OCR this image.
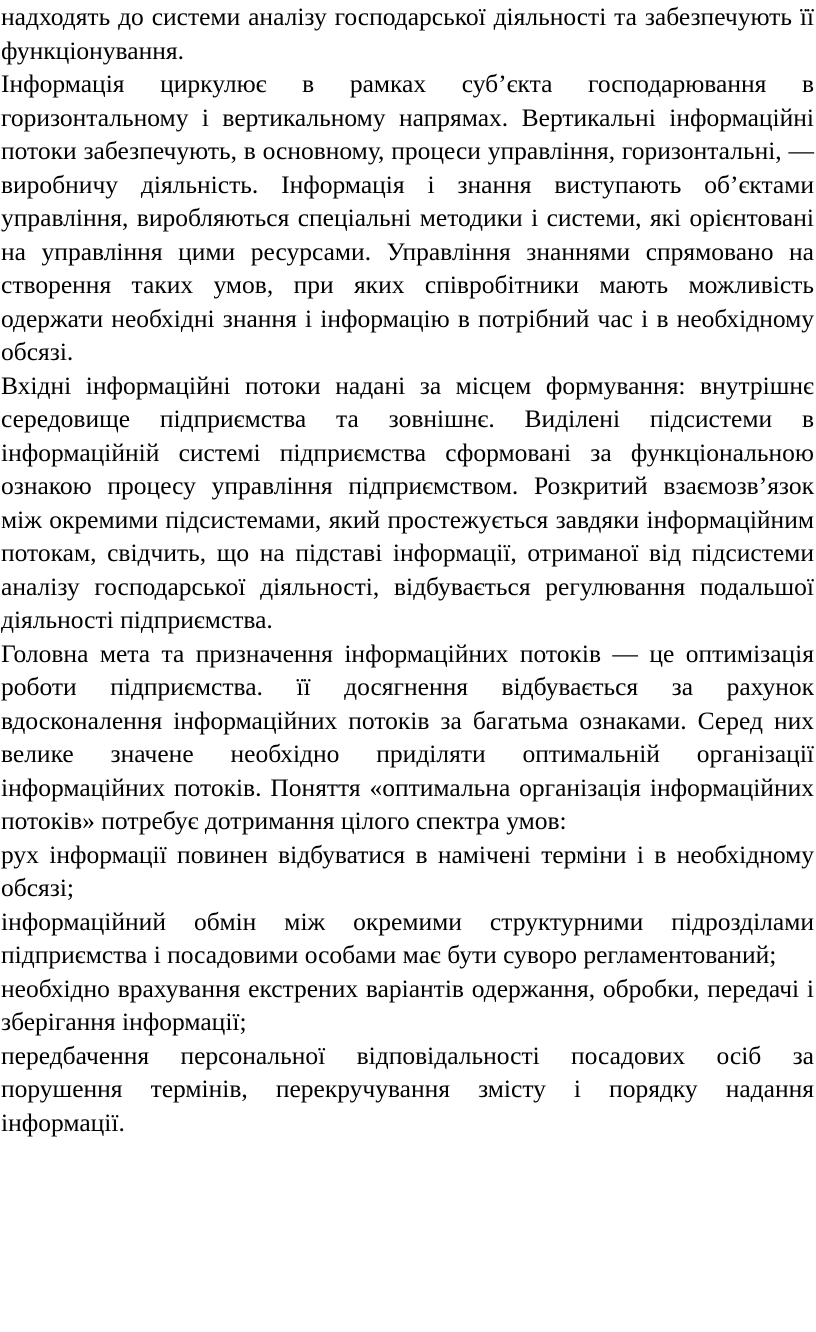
надходять до системи аналізу господарської діяльності та забезпечують її функціонування.

Інформація циркулює в рамках суб’єкта господарювання в горизонтальному і вертикальному напрямах. Вертикальні інформаційні потоки забезпечують, в основному, процеси управління, горизонтальні, — виробничу діяльність. Інформація і знання виступають об’єктами управління, виробляються спеціальні методики і системи, які орієнтовані на управління цими ресурсами. Управління знаннями спрямовано на створення таких умов, при яких співробітники мають можливість одержати необхідні знання і інформацію в потрібний час і в необхідному обсязі.

Вхідні інформаційні потоки надані за місцем формування: внутрішнє середовище підприємства та зовнішнє. Виділені підсистеми в інформаційній системі підприємства сформовані за функціональною ознакою процесу управління підприємством. Розкритий взаємозв’язок між окремими підсистемами, який простежується завдяки інформаційним потокам, свідчить, що на підставі інформації, отриманої від підсистеми аналізу господарської діяльності, відбувається регулювання подальшої діяльності підприємства.

Головна мета та призначення інформаційних потоків — це оптимізація роботи підприємства. її досягнення відбувається за рахунок вдосконалення інформаційних потоків за багатьма ознаками. Серед них велике значене необхідно приділяти оптимальній організації інформаційних потоків. Поняття «оптимальна організація інформаційних потоків» потребує дотримання цілого спектра умов:

рух інформації повинен відбуватися в намічені терміни і в необхідному обсязі;

інформаційний обмін між окремими структурними підрозділами підприємства і посадовими особами має бути суворо регламентований;

необхідно врахування екстрених варіантів одержання, обробки, передачі і зберігання інформації;

передбачення персональної відповідальності посадових осіб за порушення термінів, перекручування змісту і порядку надання інформації.
